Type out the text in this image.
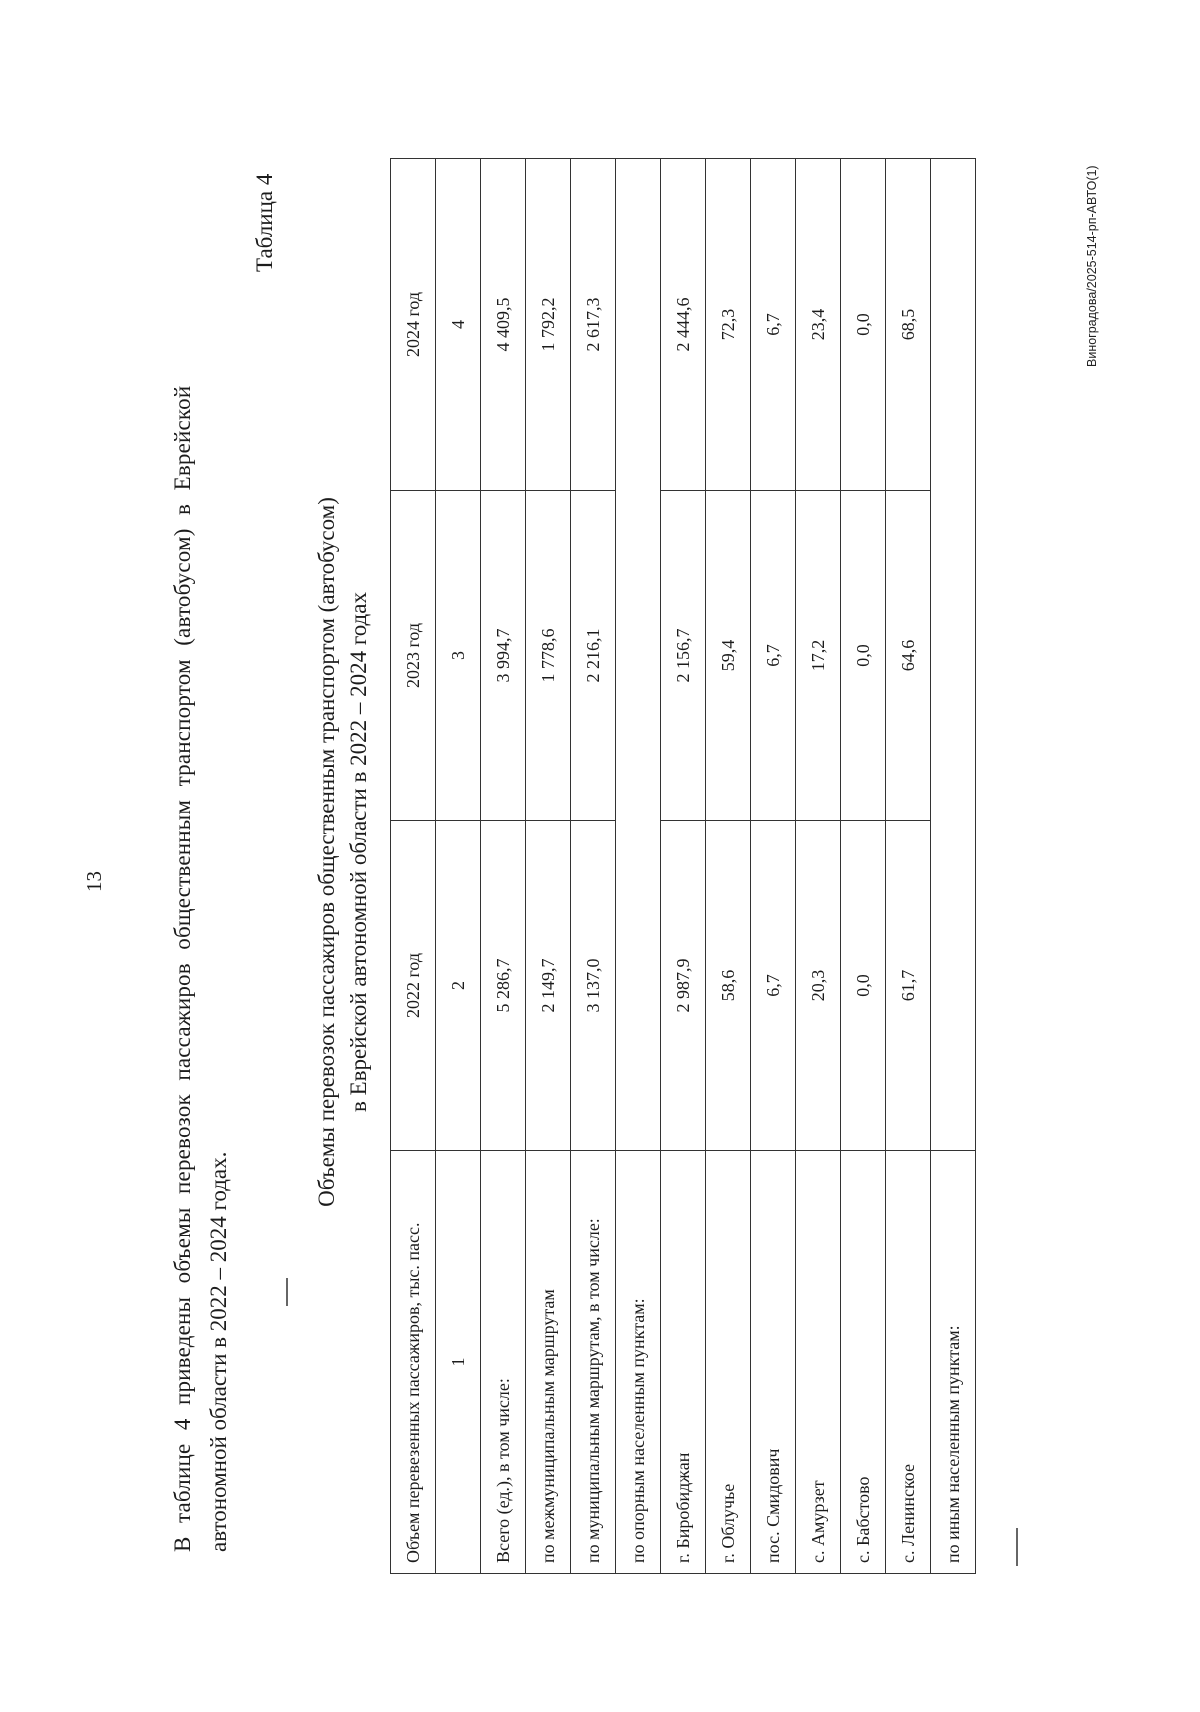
13	В таблице 4 приведены объемы перевозок пассажиров общественным транспортом (автобусом) в Еврейской автономной области в 2022 – 2024 годах.
Таблица 4
Объемы перевозок пассажиров общественным транспортом (автобусом) в Еврейской автономной области в 2022 – 2024 годах
Объем перевезенных пассажиров, тыс. пасс.	2022 год	2023 год	2024 год
1	2	3	4
Всего (ед.), в том числе:	5 286,7	3 994,7	4 409,5
по межмуниципальным маршрутам	2 149,7	1 778,6	1 792,2
по муниципальным маршрутам, в том числе:	3 137,0	2 216,1	2 617,3
по опорным населенным пунктам:			
г. Биробиджан	2 987,9	2 156,7	2 444,6
г. Облучье	58,6	59,4	72,3
пос. Смидович	6,7	6,7	6,7
с. Амурзет	20,3	17,2	23,4
с. Бабстово	0,0	0,0	0,0
с. Ленинское	61,7	64,6	68,5
по иным населенным пунктам:			
Виноградова/2025-514-рп-АВТО(1)
